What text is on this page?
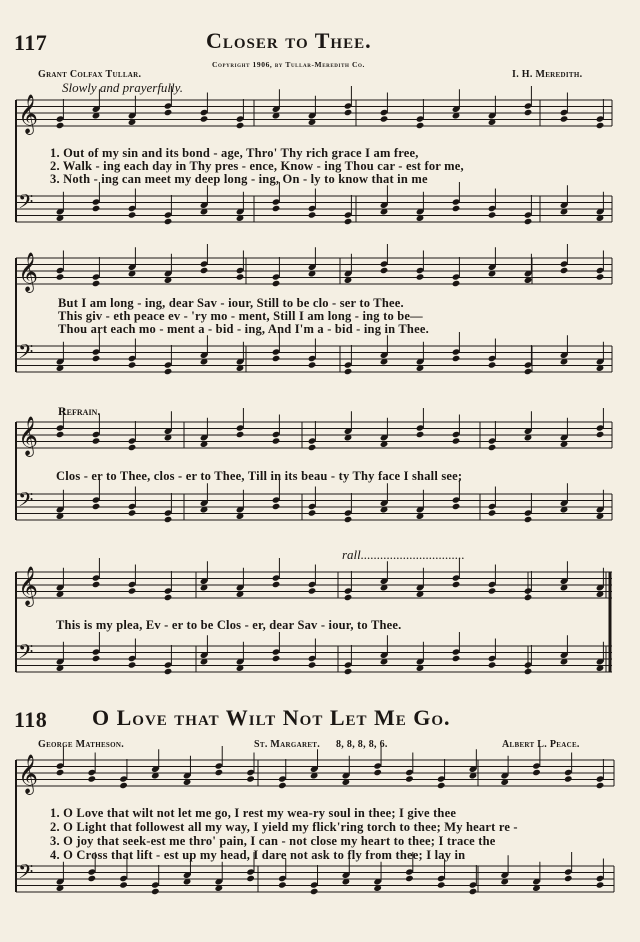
𝄞
𝄢
𝄞
𝄢
𝄞
𝄢
𝄞
𝄢
𝄞
𝄢
117	Closer to Thee.
Copyright 1906, by Tullar-Meredith Co.
Grant Colfax Tullar.	I. H. Meredith.
Slowly and prayerfully.
1. Out of my sin and its bond - age, Thro' Thy rich grace I am free,
2. Walk - ing each day in Thy pres - ence, Know - ing Thou car - est for me,
3. Noth - ing can meet my deep long - ing, On - ly to know that in me
But I am long - ing, dear Sav - iour, Still to be clo - ser to Thee.
This giv - eth peace ev - 'ry mo - ment, Still I am long - ing to be—
Thou art each mo - ment a - bid - ing, And I'm a - bid - ing in Thee.
Refrain.
Clos - er to Thee, clos - er to Thee, Till in its beau - ty Thy face I shall see;
rall................................
This is my plea, Ev - er to be Clos - er, dear Sav - iour, to Thee.
118 O Love that Wilt Not Let Me Go.
George Matheson.	St. Margaret. 8, 8, 8, 8, 6.	Albert L. Peace.
1. O Love that wilt not let me go, I rest my wea-ry soul in thee; I give thee
2. O Light that followest all my way, I yield my flick'ring torch to thee; My heart re -
3. O joy that seek-est me thro' pain, I can - not close my heart to thee; I trace the
4. O Cross that lift - est up my head, I dare not ask to fly from thee; I lay in
